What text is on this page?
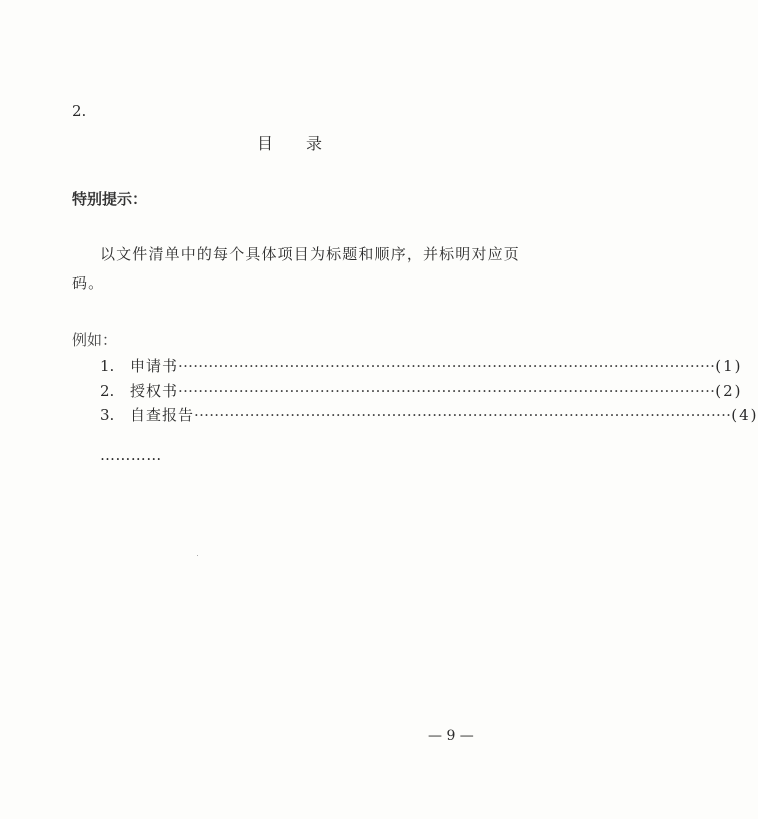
2.
目 录
特别提示：
以文件清单中的每个具体项目为标题和顺序，并标明对应页
码。
例如：
1.	申请书 ·········································································································· (1)
2.	授权书 ·········································································································· (2)
3.	自查报告 ·········································································································· (4)
…………
— 9 —
